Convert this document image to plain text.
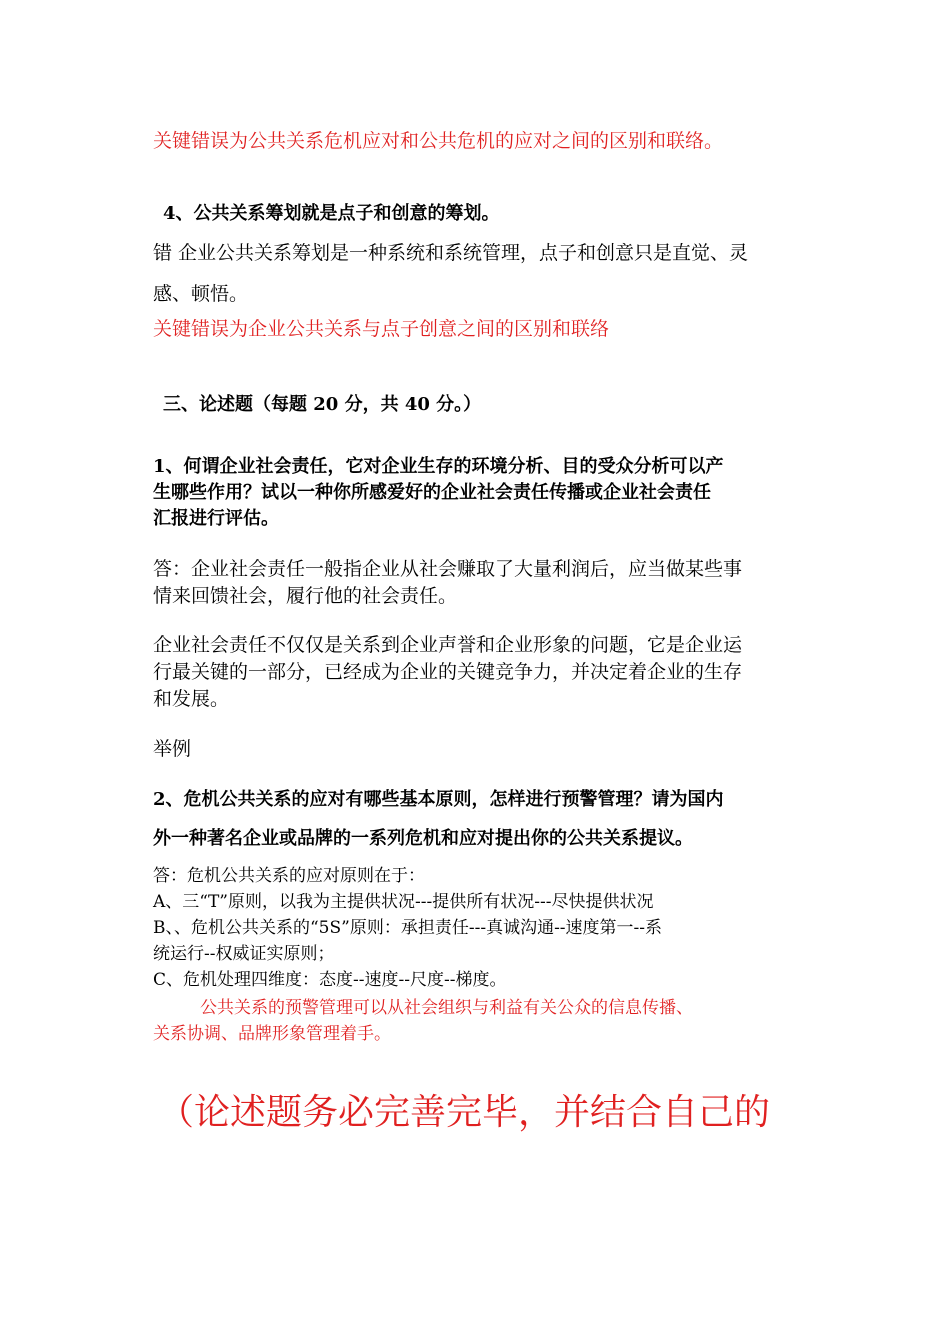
关键错误为公共关系危机应对和公共危机的应对之间的区别和联络。
4、公共关系筹划就是点子和创意的筹划。
错 企业公共关系筹划是一种系统和系统管理，点子和创意只是直觉、灵
感、顿悟。
关键错误为企业公共关系与点子创意之间的区别和联络
三、论述题（每题 20 分，共 40 分。）
1、何谓企业社会责任，它对企业生存的环境分析、目的受众分析可以产
生哪些作用？试以一种你所感爱好的企业社会责任传播或企业社会责任
汇报进行评估。
答：企业社会责任一般指企业从社会赚取了大量利润后，应当做某些事
情来回馈社会，履行他的社会责任。
企业社会责任不仅仅是关系到企业声誉和企业形象的问题，它是企业运
行最关键的一部分，已经成为企业的关键竞争力，并决定着企业的生存
和发展。
举例
2、危机公共关系的应对有哪些基本原则，怎样进行预警管理？请为国内
外一种著名企业或品牌的一系列危机和应对提出你的公共关系提议。
答：危机公共关系的应对原则在于：
A、三“T”原则，以我为主提供状况---提供所有状况---尽快提供状况
B、、危机公共关系的“5S”原则：承担责任---真诚沟通--速度第一--系
统运行--权威证实原则；
C、危机处理四维度：态度--速度--尺度--梯度。
公共关系的预警管理可以从社会组织与利益有关公众的信息传播、
关系协调、品牌形象管理着手。
（论述题务必完善完毕，并结合自己的
